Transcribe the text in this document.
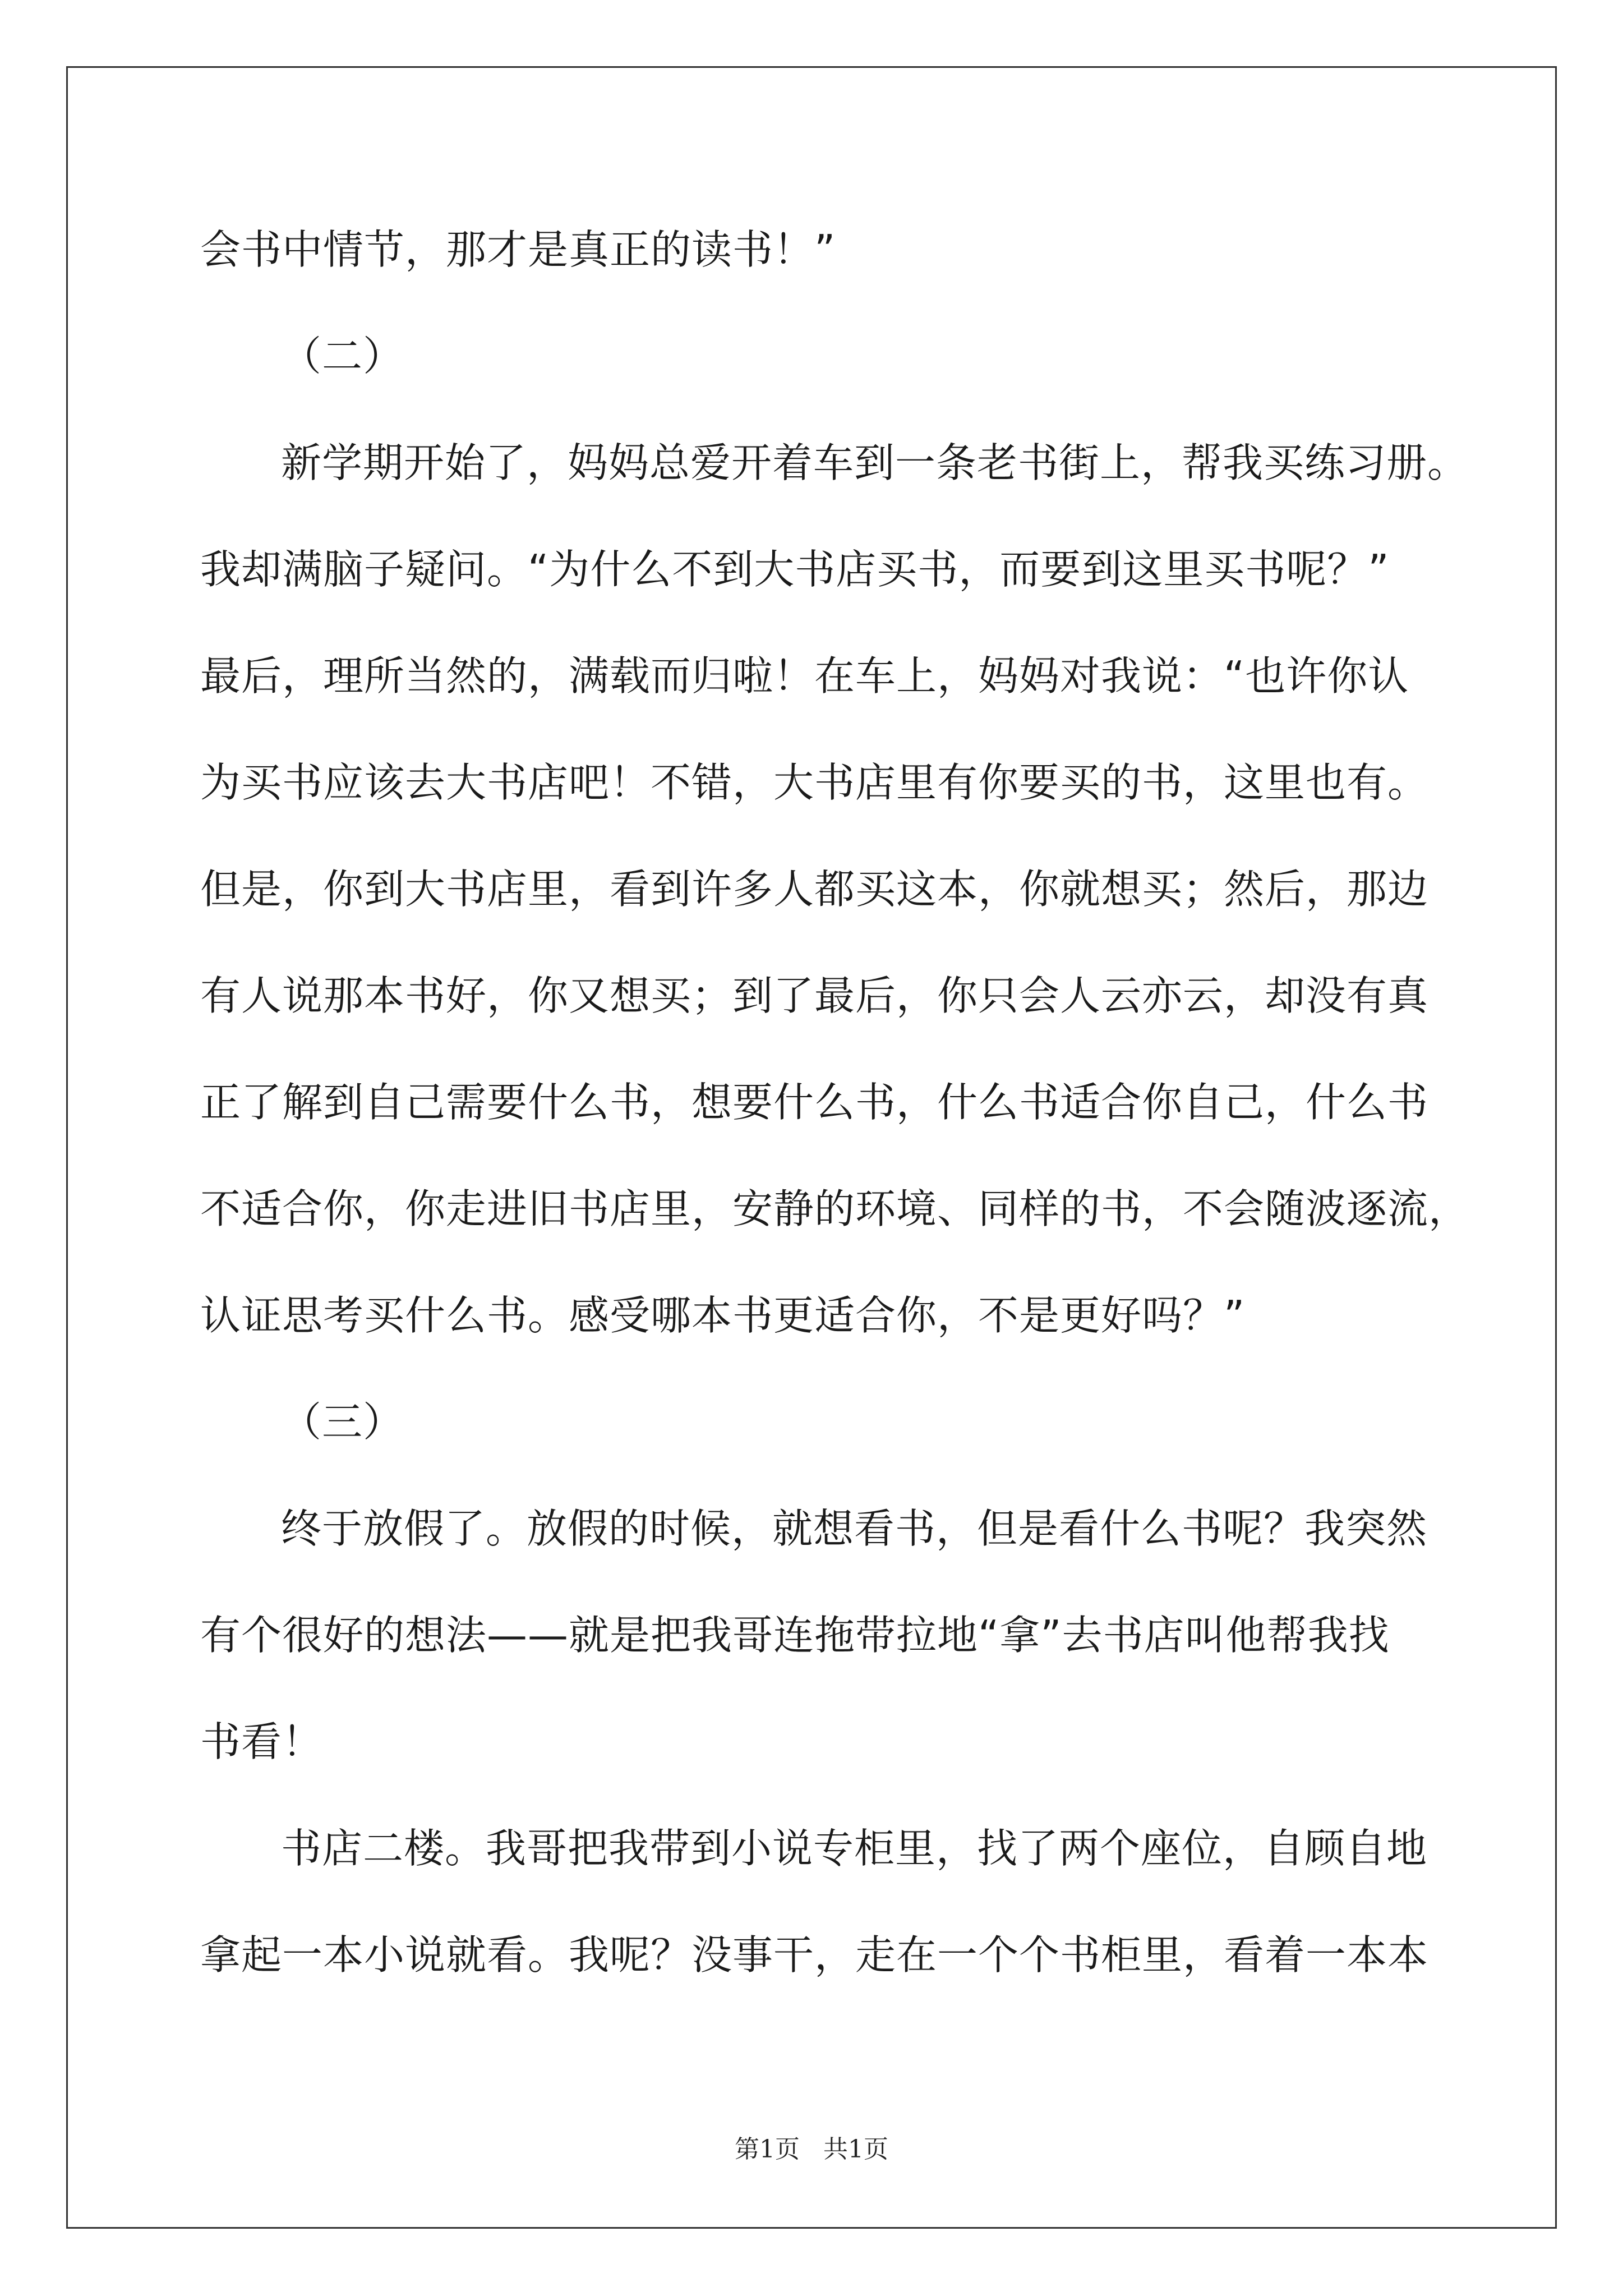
会书中情节，那才是真正的读书！”
（二）
新学期开始了，妈妈总爱开着车到一条老书街上，帮我买练习册。
我却满脑子疑问。“为什么不到大书店买书，而要到这里买书呢？”
最后，理所当然的，满载而归啦！在车上，妈妈对我说：“也许你认
为买书应该去大书店吧！不错，大书店里有你要买的书，这里也有。
但是，你到大书店里，看到许多人都买这本，你就想买；然后，那边
有人说那本书好，你又想买；到了最后，你只会人云亦云，却没有真
正了解到自己需要什么书，想要什么书，什么书适合你自己，什么书
不适合你，你走进旧书店里，安静的环境、同样的书，不会随波逐流，
认证思考买什么书。感受哪本书更适合你，不是更好吗？”
（三）
终于放假了。放假的时候，就想看书，但是看什么书呢？我突然
有个很好的想法——就是把我哥连拖带拉地“拿”去书店叫他帮我找
书看！
书店二楼。我哥把我带到小说专柜里，找了两个座位，自顾自地
拿起一本小说就看。我呢？没事干，走在一个个书柜里，看着一本本
第1页 共1页
